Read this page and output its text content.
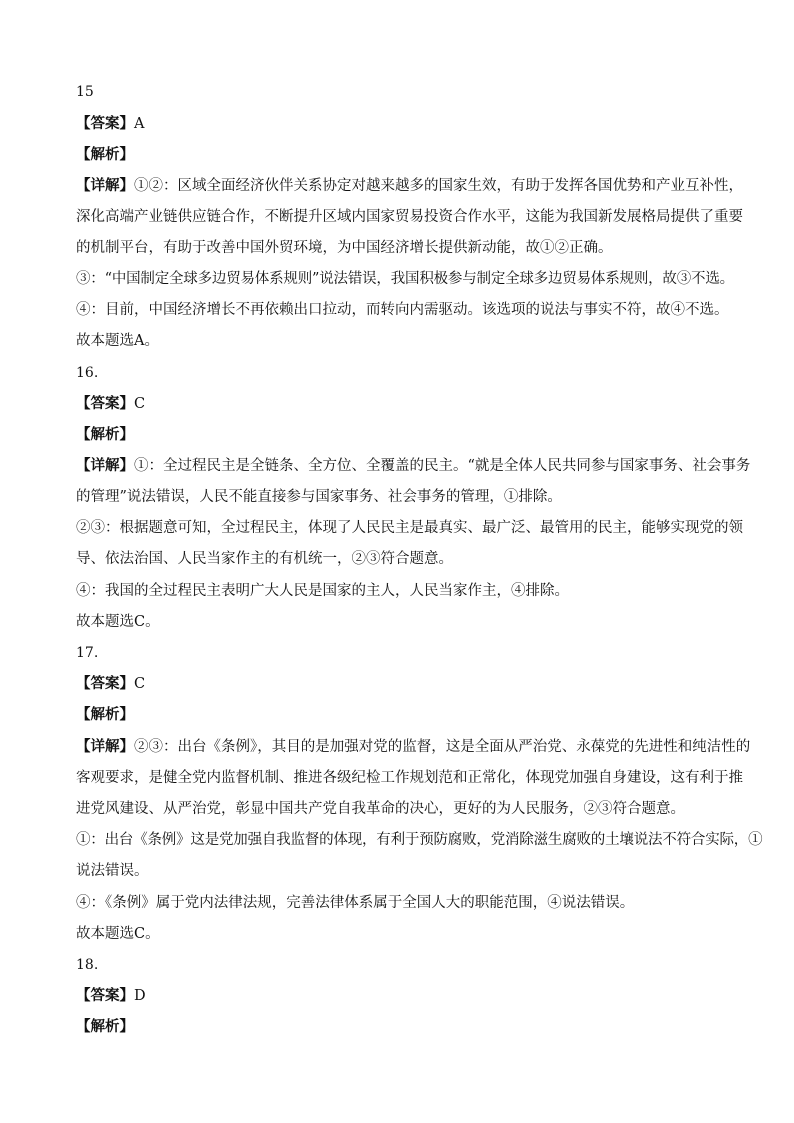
15

【答案】A

【解析】

【详解】①②：区域全面经济伙伴关系协定对越来越多的国家生效，有助于发挥各国优势和产业互补性，

深化高端产业链供应链合作，不断提升区域内国家贸易投资合作水平，这能为我国新发展格局提供了重要

的机制平台，有助于改善中国外贸环境，为中国经济增长提供新动能，故①②正确。

③：“中国制定全球多边贸易体系规则”说法错误，我国积极参与制定全球多边贸易体系规则，故③不选。

④：目前，中国经济增长不再依赖出口拉动，而转向内需驱动。该选项的说法与事实不符，故④不选。

故本题选A。

16.

【答案】C

【解析】

【详解】①：全过程民主是全链条、全方位、全覆盖的民主。“就是全体人民共同参与国家事务、社会事务

的管理”说法错误，人民不能直接参与国家事务、社会事务的管理，①排除。

②③：根据题意可知，全过程民主，体现了人民民主是最真实、最广泛、最管用的民主，能够实现党的领

导、依法治国、人民当家作主的有机统一，②③符合题意。

④：我国的全过程民主表明广大人民是国家的主人，人民当家作主，④排除。

故本题选C。

17.

【答案】C

【解析】

【详解】②③：出台《条例》，其目的是加强对党的监督，这是全面从严治党、永葆党的先进性和纯洁性的

客观要求，是健全党内监督机制、推进各级纪检工作规划范和正常化，体现党加强自身建设，这有利于推

进党风建设、从严治党，彰显中国共产党自我革命的决心，更好的为人民服务，②③符合题意。

①：出台《条例》这是党加强自我监督的体现，有利于预防腐败，党消除滋生腐败的土壤说法不符合实际，①

说法错误。

④：《条例》属于党内法律法规，完善法律体系属于全国人大的职能范围，④说法错误。

故本题选C。

18.

【答案】D

【解析】
